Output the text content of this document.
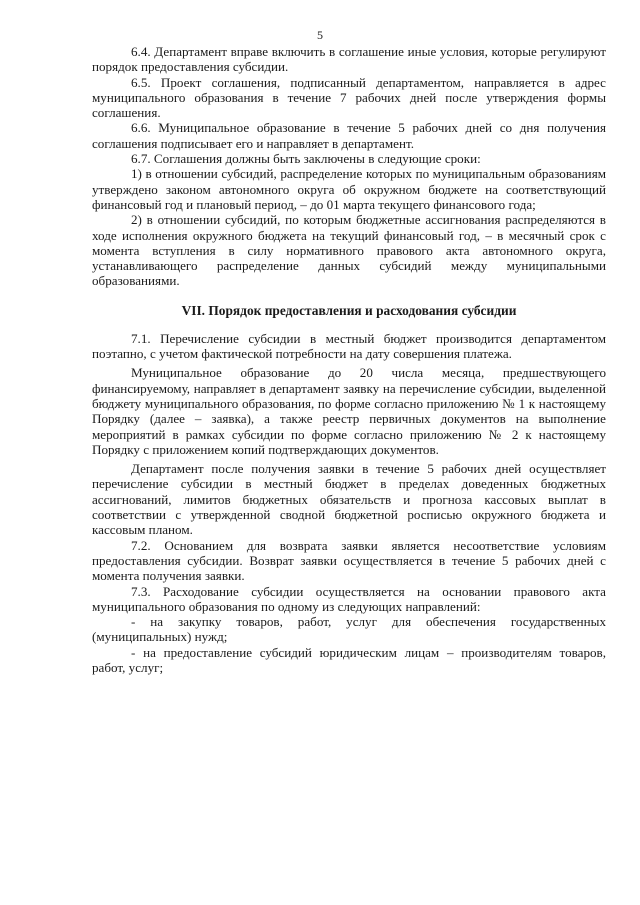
5

6.4. Департамент вправе включить в соглашение иные условия, которые регулируют порядок предоставления субсидии.

6.5. Проект соглашения, подписанный департаментом, направляется в адрес муниципального образования в течение 7 рабочих дней после утверждения формы соглашения.

6.6. Муниципальное образование в течение 5 рабочих дней со дня получения соглашения подписывает его и направляет в департамент.

6.7. Соглашения должны быть заключены в следующие сроки:

1) в отношении субсидий, распределение которых по муниципальным образованиям утверждено законом автономного округа об окружном бюджете на соответствующий финансовый год и плановый период, – до 01 марта текущего финансового года;

2) в отношении субсидий, по которым бюджетные ассигнования распределяются в ходе исполнения окружного бюджета на текущий финансовый год, – в месячный срок с момента вступления в силу нормативного правового акта автономного округа, устанавливающего распределение данных субсидий между муниципальными образованиями.

VII. Порядок предоставления и расходования субсидии

7.1. Перечисление субсидии в местный бюджет производится департаментом поэтапно, с учетом фактической потребности на дату совершения платежа.

Муниципальное образование до 20 числа месяца, предшествующего финансируемому, направляет в департамент заявку на перечисление субсидии, выделенной бюджету муниципального образования, по форме согласно приложению № 1 к настоящему Порядку (далее – заявка), а также реестр первичных документов на выполнение мероприятий в рамках субсидии по форме согласно приложению № 2 к настоящему Порядку с приложением копий подтверждающих документов.

Департамент после получения заявки в течение 5 рабочих дней осуществляет перечисление субсидии в местный бюджет в пределах доведенных бюджетных ассигнований, лимитов бюджетных обязательств и прогноза кассовых выплат в соответствии с утвержденной сводной бюджетной росписью окружного бюджета и кассовым планом.

7.2. Основанием для возврата заявки является несоответствие условиям предоставления субсидии. Возврат заявки осуществляется в течение 5 рабочих дней с момента получения заявки.

7.3. Расходование субсидии осуществляется на основании правового акта муниципального образования по одному из следующих направлений:

- на закупку товаров, работ, услуг для обеспечения государственных (муниципальных) нужд;

- на предоставление субсидий юридическим лицам – производителям товаров, работ, услуг;
